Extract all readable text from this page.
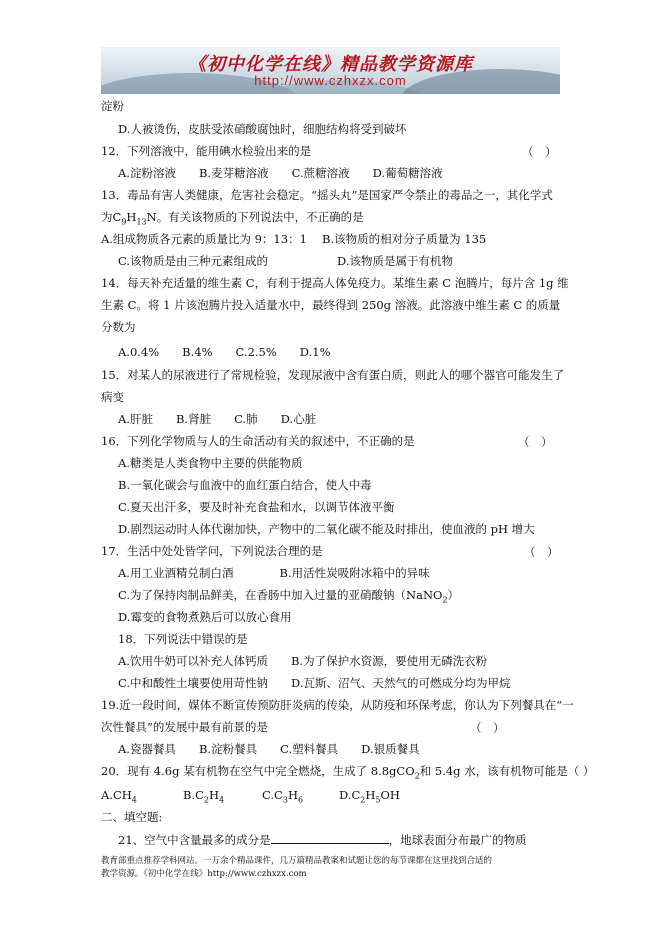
《初中化学在线》精品教学资源库
http://www.czhxzx.com
淀粉
D.人被烫伤，皮肤受浓硝酸腐蚀时，细胞结构将受到破坏
12．下列溶液中，能用碘水检验出来的是	（　）
A.淀粉溶液　　B.麦芽糖溶液　　C.蔗糖溶液　　D.葡萄糖溶液
13．毒品有害人类健康，危害社会稳定。“摇头丸”是国家严令禁止的毒品之一，其化学式
为$C_9H_{13}N$。有关该物质的下列说法中，不正确的是
A.组成物质各元素的质量比为 9：13：1　 B.该物质的相对分子质量为 135
C.该物质是由三种元素组成的　　　　　　D.该物质是属于有机物
14．每天补充适量的维生素 C，有利于提高人体免疫力。某维生素 C 泡腾片，每片含 1g 维
生素 C。将 1 片该泡腾片投入适量水中，最终得到 250g 溶液。此溶液中维生素 C 的质量
分数为
A.0.4%　　B.4%　　C.2.5%　　D.1%
15．对某人的尿液进行了常规检验，发现尿液中含有蛋白质，则此人的哪个器官可能发生了
病变
A.肝脏　　B.肾脏　　C.肺　　D.心脏
16．下列化学物质与人的生命活动有关的叙述中，不正确的是	（　）
A.糖类是人类食物中主要的供能物质
B.一氧化碳会与血液中的血红蛋白结合，使人中毒
C.夏天出汗多，要及时补充食盐和水，以调节体液平衡
D.剧烈运动时人体代谢加快，产物中的二氧化碳不能及时排出，使血液的 pH 增大
17．生活中处处皆学问，下列说法合理的是	（　）
A.用工业酒精兑制白酒　　　　B.用活性炭吸附冰箱中的异味
C.为了保持肉制品鲜美，在香肠中加入过量的亚硝酸钠（NaNO$_2$）
D.霉变的食物煮熟后可以放心食用
18．下列说法中错误的是
A.饮用牛奶可以补充人体钙质　　B.为了保护水资源，要使用无磷洗衣粉
C.中和酸性土壤要使用苛性钠　　D.瓦斯、沼气、天然气的可燃成分均为甲烷
19.近一段时间，媒体不断宣传预防肝炎病的传染，从防疫和环保考虑，你认为下列餐具在“一
次性餐具”的发展中最有前景的是	（　）
A.瓷器餐具　　B.淀粉餐具　　C.塑料餐具　　D.银质餐具
20．现有 4.6g 某有机物在空气中完全燃烧，生成了 8.8gCO$_2$和 5.4g 水，该有机物可能是（ ）
$A.CH_4$	$B.C_2H_4$	$C.C_3H_6$	$D.C_2H_5OH$
二、填空题:
21、空气中含量最多的成分是	，地球表面分布最广的物质
教育部重点推荐学科网站。一万余个精品课件，几万篇精品教案和试题让您的每节课都在这里找到合适的
教学资源。《初中化学在线》http://www.czhxzx.com
